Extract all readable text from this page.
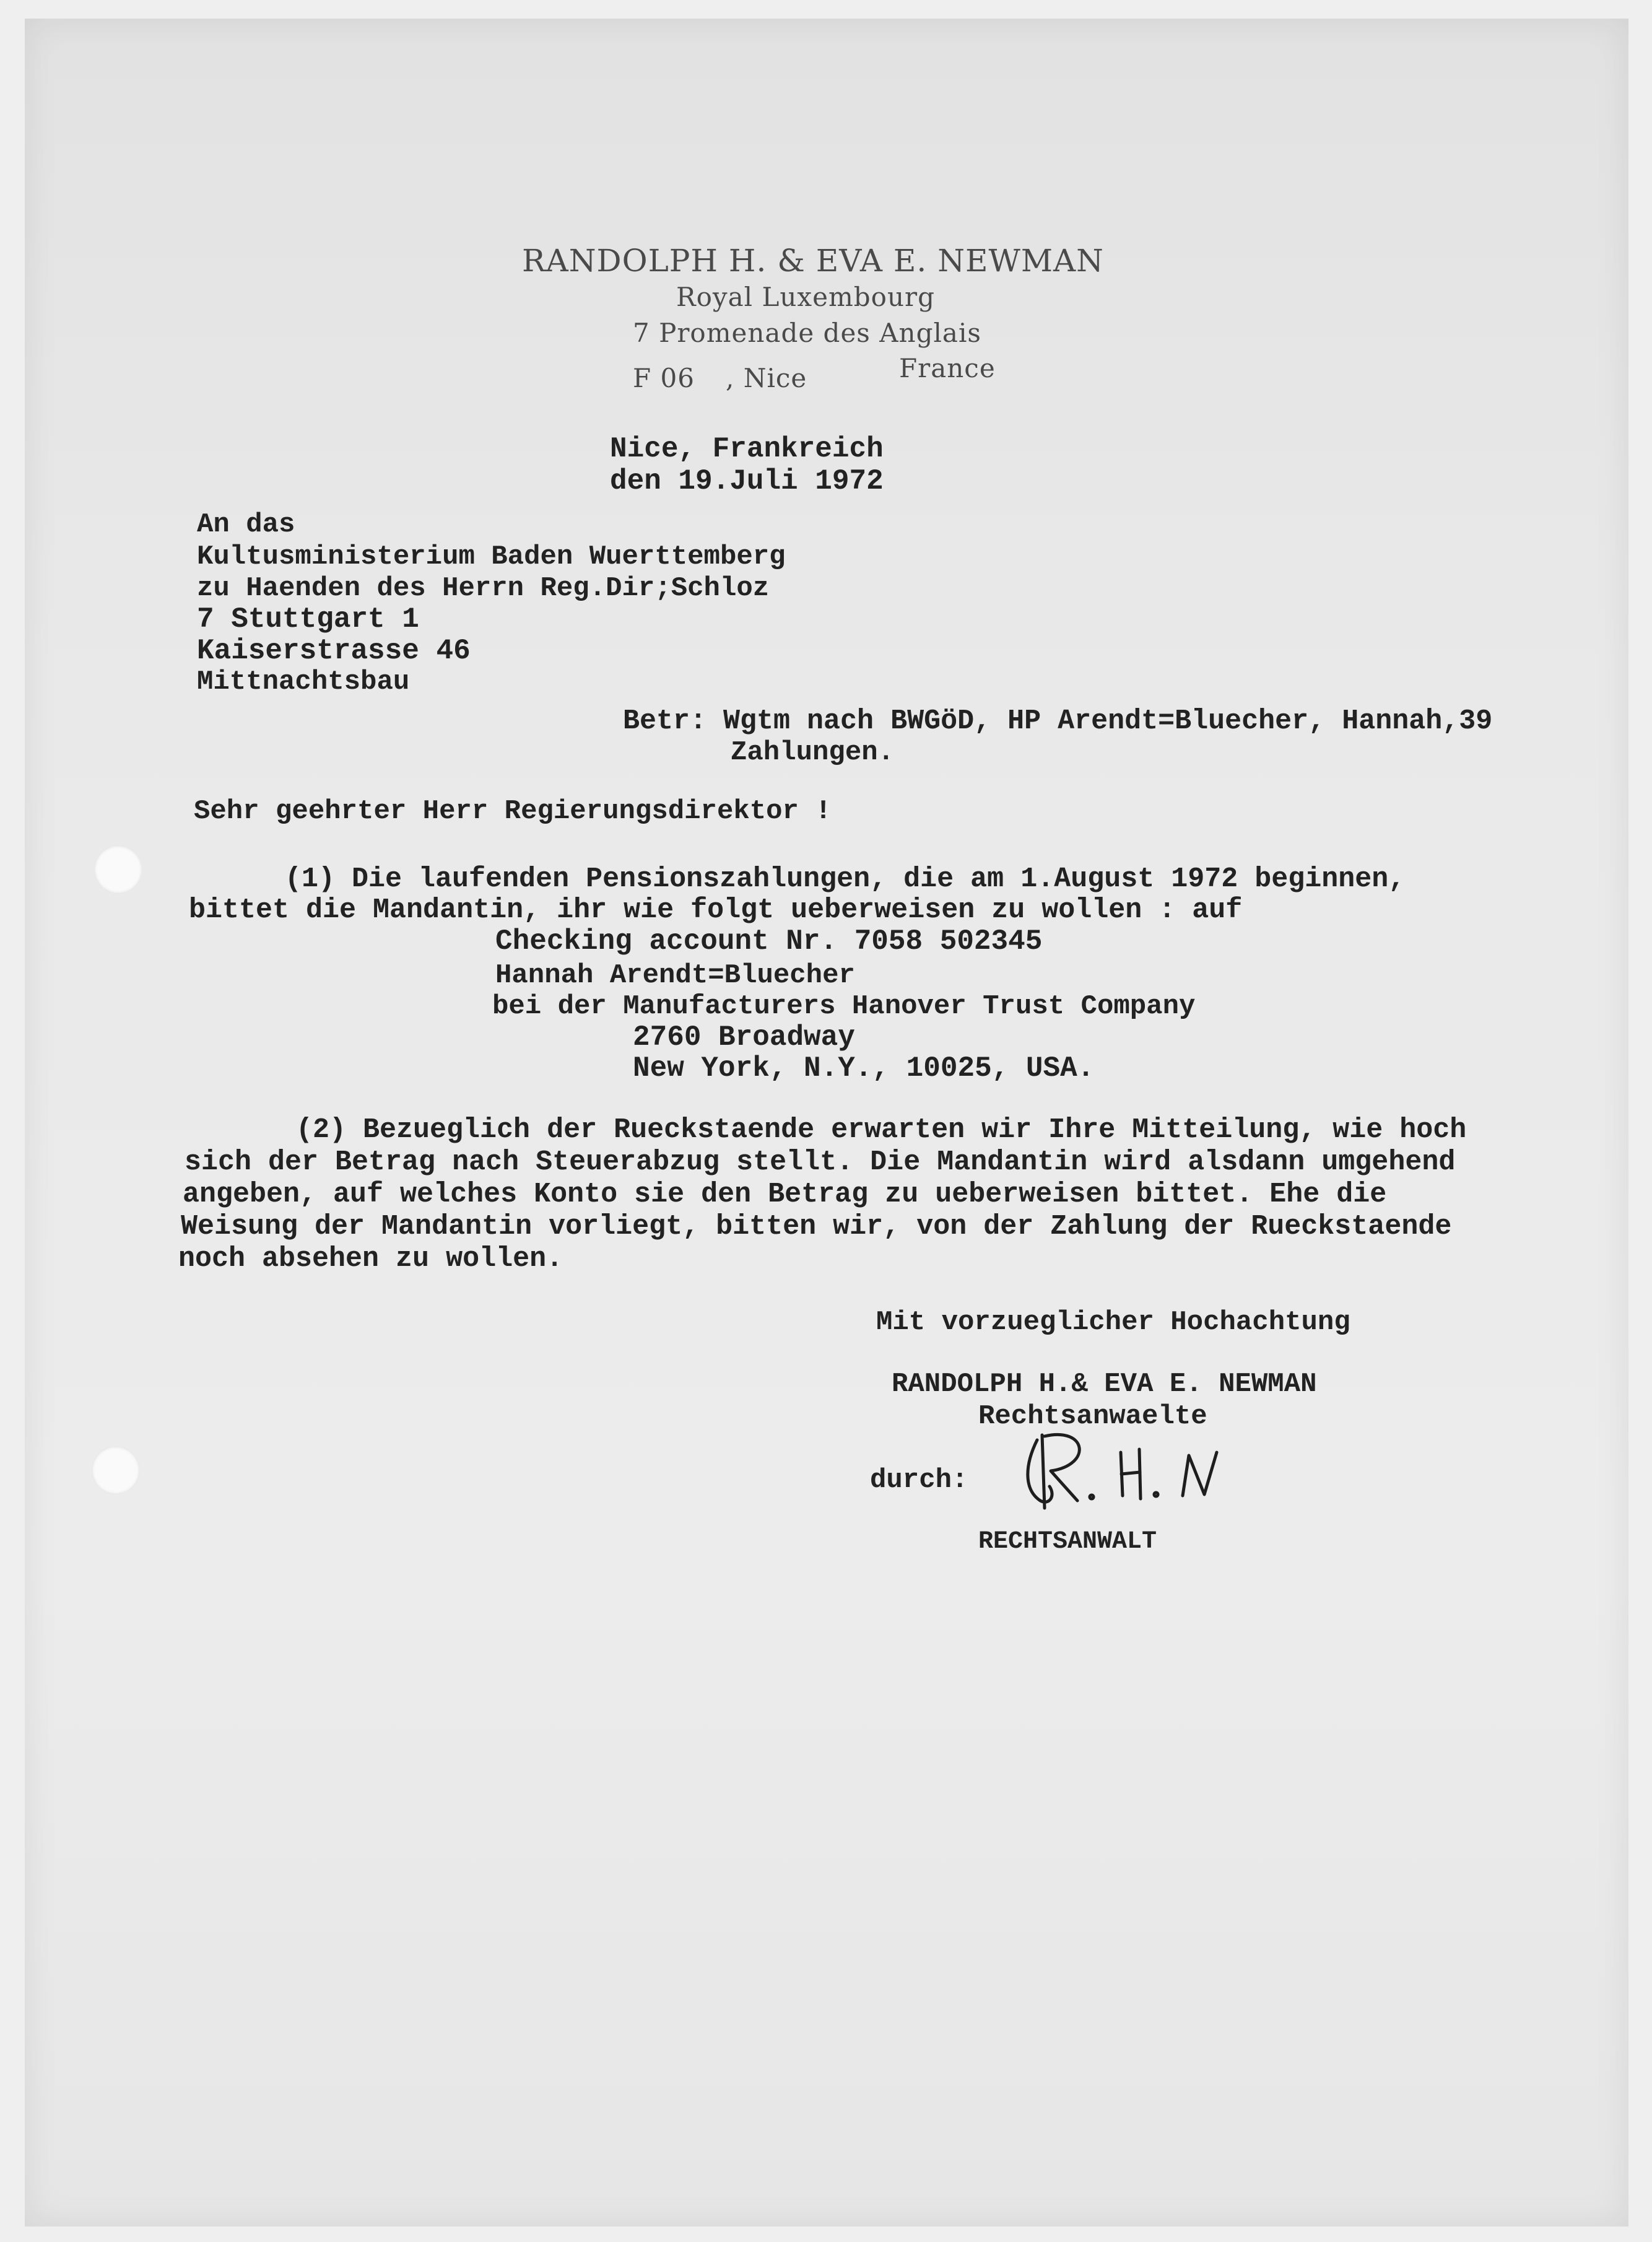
RANDOLPH H. & EVA E. NEWMAN
Royal Luxembourg
7 Promenade des Anglais
F 06 , Nice	France
Nice, Frankreich
den 19.Juli 1972
An das
Kultusministerium Baden Wuerttemberg
zu Haenden des Herrn Reg.Dir;Schloz
7 Stuttgart 1
Kaiserstrasse 46
Mittnachtsbau
Betr: Wgtm nach BWGöD, HP Arendt=Bluecher, Hannah,39
Zahlungen.
Sehr geehrter Herr Regierungsdirektor !
(1) Die laufenden Pensionszahlungen, die am 1.August 1972 beginnen,
bittet die Mandantin, ihr wie folgt ueberweisen zu wollen : auf
Checking account Nr. 7058 502345
Hannah Arendt=Bluecher
bei der Manufacturers Hanover Trust Company
2760 Broadway
New York, N.Y., 10025, USA.
(2) Bezueglich der Rueckstaende erwarten wir Ihre Mitteilung, wie hoch
sich der Betrag nach Steuerabzug stellt. Die Mandantin wird alsdann umgehend
angeben, auf welches Konto sie den Betrag zu ueberweisen bittet. Ehe die
Weisung der Mandantin vorliegt, bitten wir, von der Zahlung der Rueckstaende
noch absehen zu wollen.
Mit vorzueglicher Hochachtung
RANDOLPH H.& EVA E. NEWMAN
Rechtsanwaelte
durch:
RECHTSANWALT
